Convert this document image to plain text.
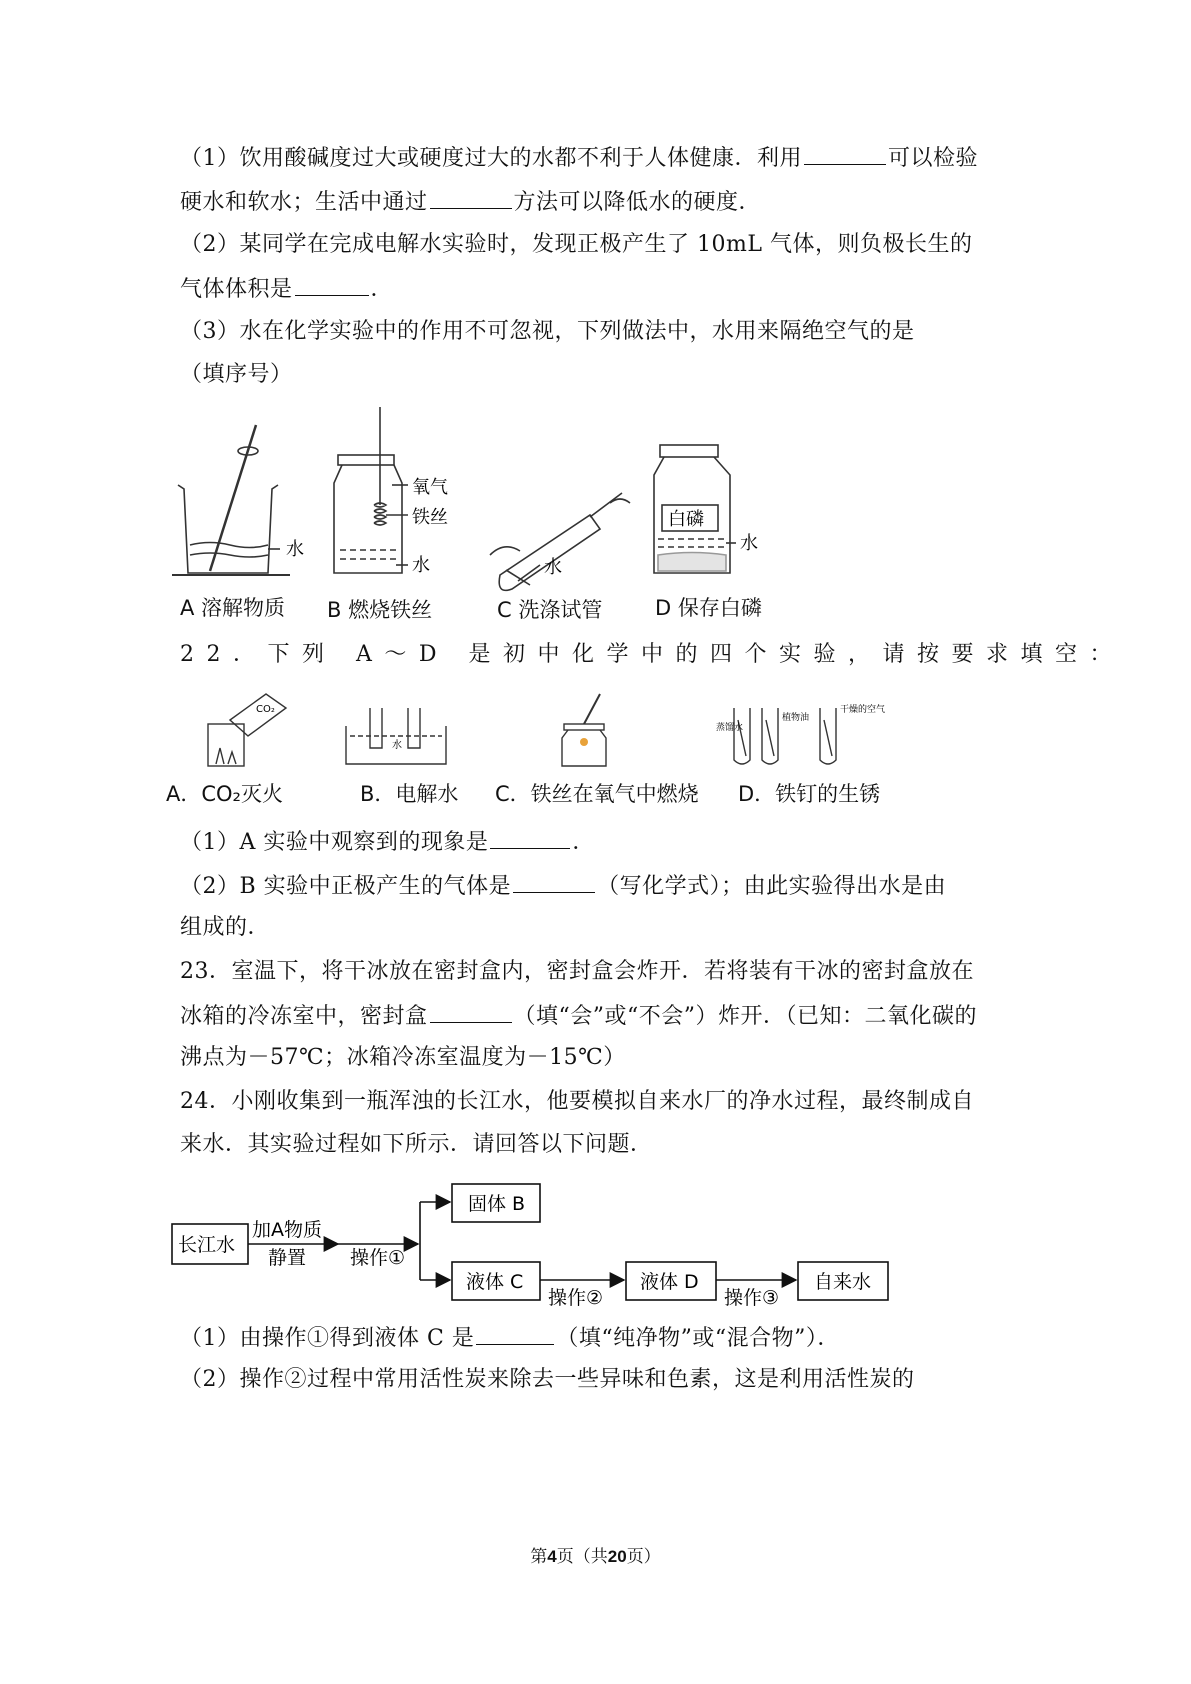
（1）饮用酸碱度过大或硬度过大的水都不利于人体健康．利用	可以检验
硬水和软水；生活中通过	方法可以降低水的硬度．
（2）某同学在完成电解水实验时，发现正极产生了 10mL 气体，则负极长生的
气体体积是	．
（3）水在化学实验中的作用不可忽视，下列做法中，水用来隔绝空气的是
（填序号）
水
氧气
铁丝
水	水
白磷
水
A 溶解物质 B 燃烧铁丝	C 洗涤试管	D 保存白磷
22．下列 A～D 是初中化学中的四个实验，请按要求填空：
CO₂
水
蒸馏水
植物油
干燥的空气
A．CO₂灭火	B．电解水 C．铁丝在氧气中燃烧 D．铁钉的生锈
（1）A 实验中观察到的现象是	．
（2）B 实验中正极产生的气体是	（写化学式）；由此实验得出水是由
组成的．
23．室温下，将干冰放在密封盒内，密封盒会炸开．若将装有干冰的密封盒放在
冰箱的冷冻室中，密封盒	（填“会”或“不会”）炸开．（已知：二氧化碳的
沸点为－57℃；冰箱冷冻室温度为－15℃）
24．小刚收集到一瓶浑浊的长江水，他要模拟自来水厂的净水过程，最终制成自
来水．其实验过程如下所示．请回答以下问题．
长江水
加A物质
静置 操作①
固体 B
液体 C
操作②
液体 D
操作③
自来水
（1）由操作①得到液体 C 是	（填“纯净物”或“混合物”）．
（2）操作②过程中常用活性炭来除去一些异味和色素，这是利用活性炭的
第4页（共20页）
